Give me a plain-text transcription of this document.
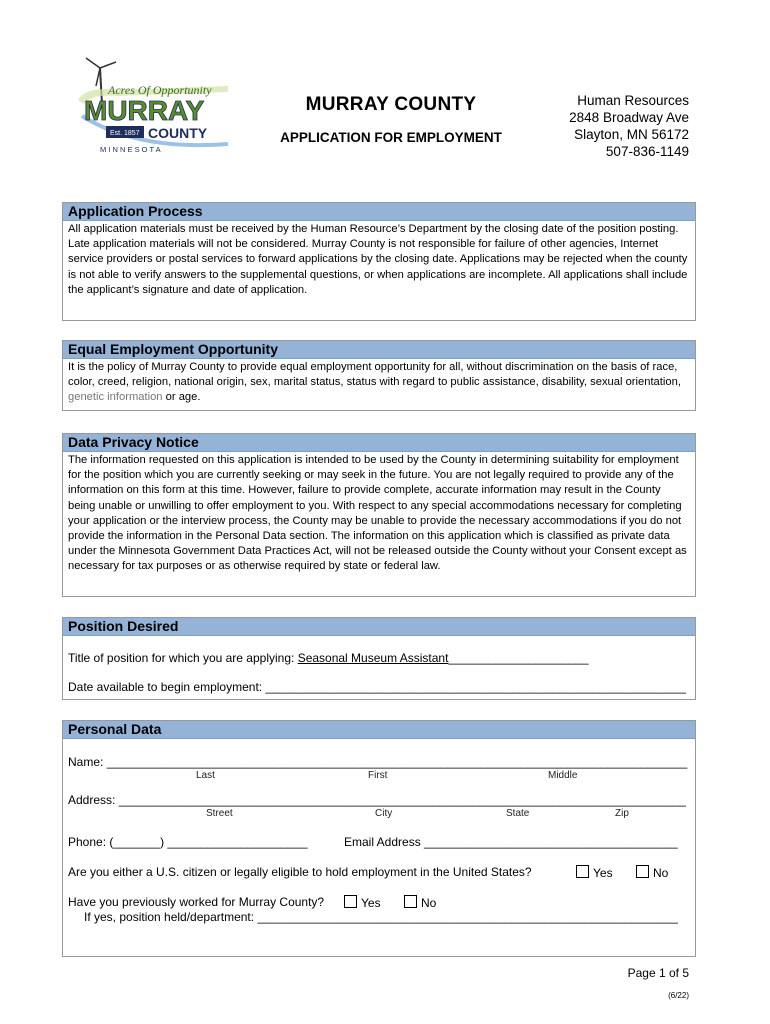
Acres Of Opportunity
MURRAY
Est. 1857 COUNTY
M I N N E S O T A
MURRAY COUNTY
APPLICATION FOR EMPLOYMENT
Human Resources
2848 Broadway Ave
Slayton, MN 56172
507-836-1149
Application Process

All application materials must be received by the Human Resource’s Department by the closing date of the position posting. Late application materials will not be considered. Murray County is not responsible for failure of other agencies, Internet service providers or postal services to forward applications by the closing date. Applications may be rejected when the county is not able to verify answers to the supplemental questions, or when applications are incomplete. All applications shall include the applicant’s signature and date of application.

Equal Employment Opportunity

It is the policy of Murray County to provide equal employment opportunity for all, without discrimination on the basis of race, color, creed, religion, national origin, sex, marital status, status with regard to public assistance, disability, sexual orientation, genetic information or age.

Data Privacy Notice

The information requested on this application is intended to be used by the County in determining suitability for employment for the position which you are currently seeking or may seek in the future. You are not legally required to provide any of the information on this form at this time. However, failure to provide complete, accurate information may result in the County being unable or unwilling to offer employment to you. With respect to any special accommodations necessary for completing your application or the interview process, the County may be unable to provide the necessary accommodations if you do not provide the information in the Personal Data section. The information on this application which is classified as private data under the Minnesota Government Data Practices Act, will not be released outside the County without your Consent except as necessary for tax purposes or as otherwise required by state or federal law.

Position Desired
Title of position for which you are applying: Seasonal Museum Assistant_____________________
Date available to begin employment: _______________________________________________________________
Personal Data
Name: _______________________________________________________________________________________
Last	First	Middle
Address: _____________________________________________________________________________________
Street	City	State	Zip
Phone: (_______) _____________________	Email Address ______________________________________
Are you either a U.S. citizen or legally eligible to hold employment in the United States?	Yes	No
Have you previously worked for Murray County?	Yes	No
If yes, position held/department: _______________________________________________________________
Page 1 of 5
(6/22)
